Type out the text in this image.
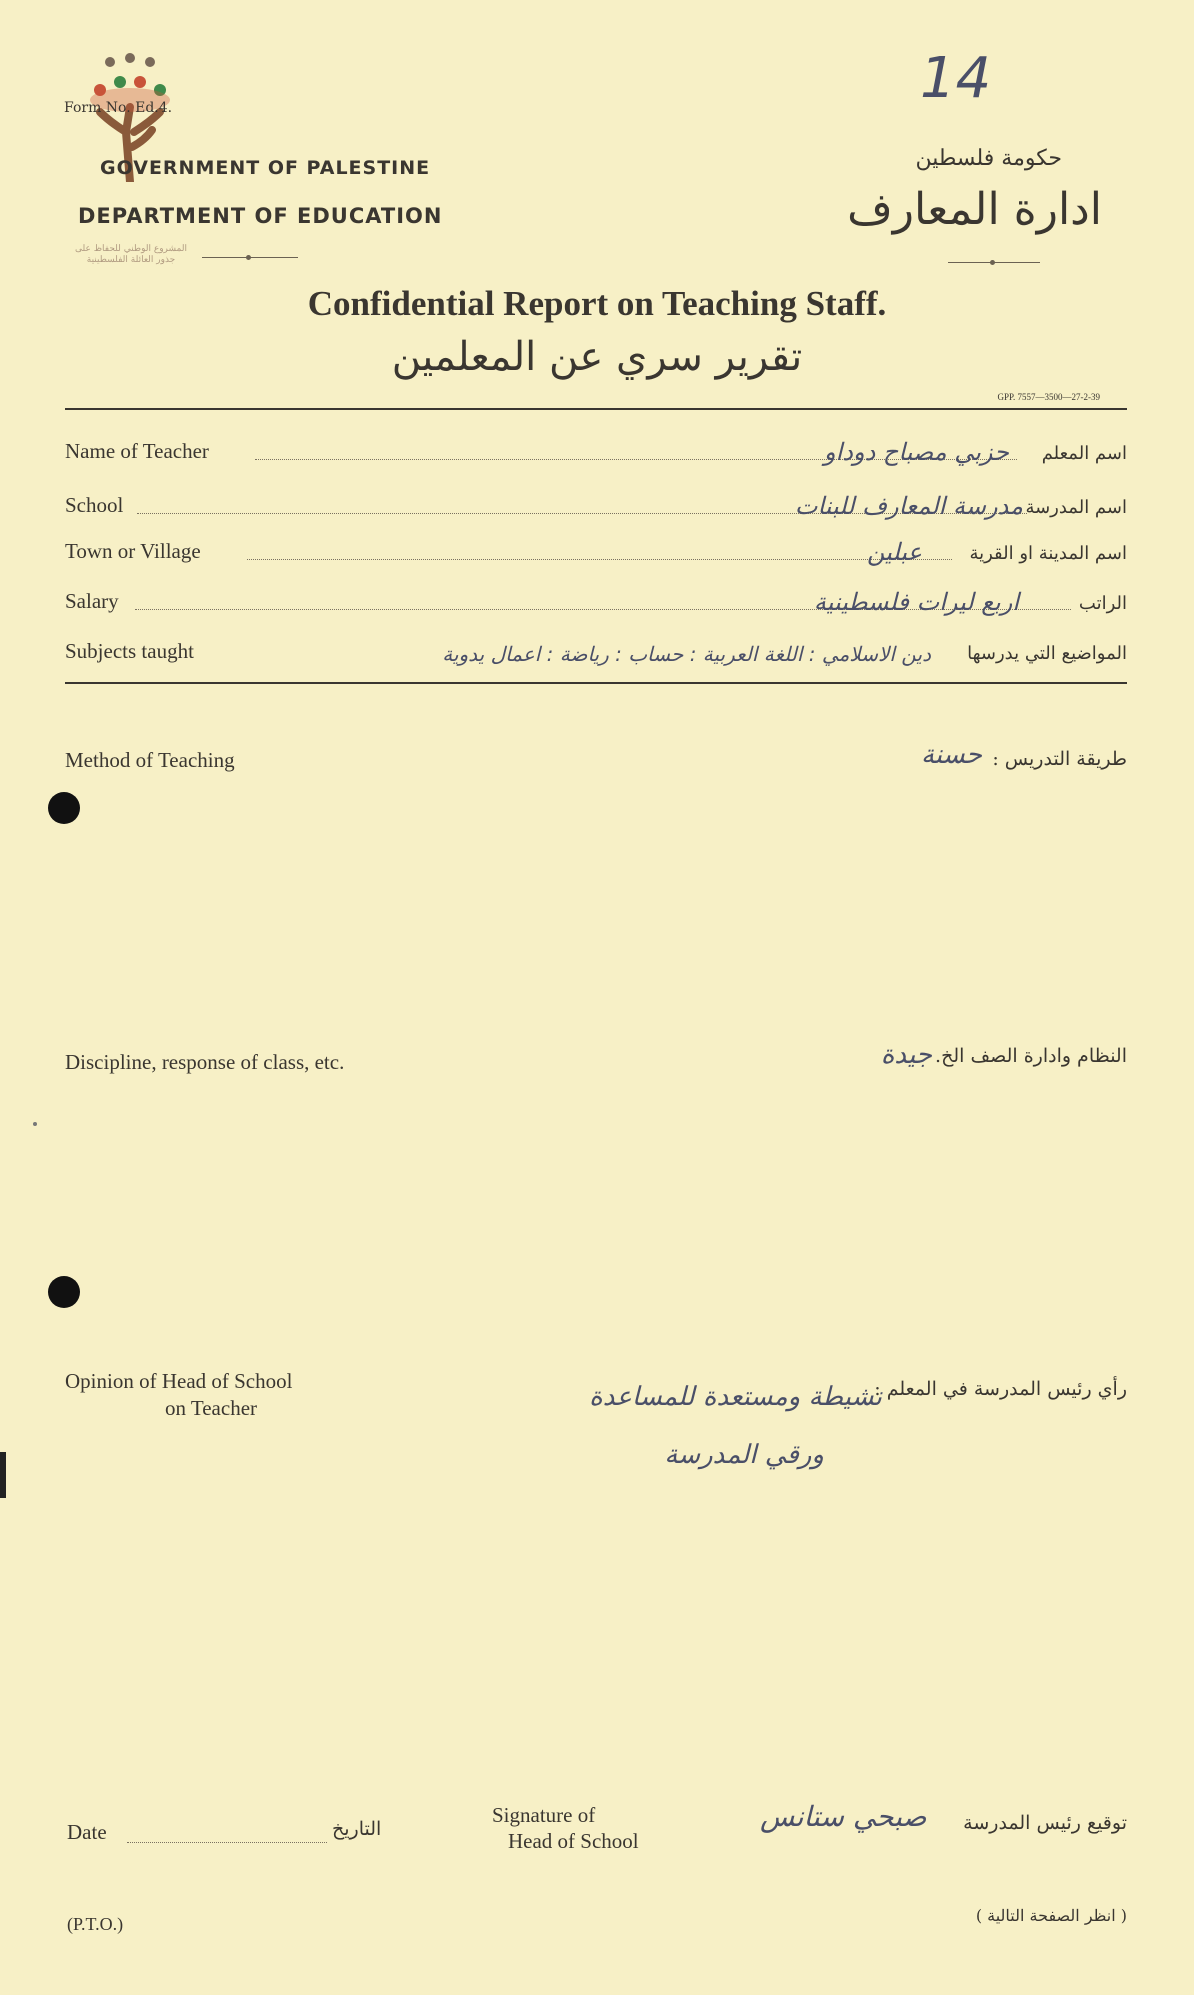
Form No. Ed.4.
GOVERNMENT OF PALESTINE
DEPARTMENT OF EDUCATION
المشروع الوطني للحفاظ على جذور العائلة الفلسطينية
14
حكومة فلسطين
ادارة المعارف
Confidential Report on Teaching Staff.
تقرير سري عن المعلمين
GPP. 7557—3500—27-2-39
Name of Teacher	حزبي مصباح دوداو اسم المعلم
School	مدرسة المعارف للبنات اسم المدرسة
Town or Village	عبلين	اسم المدينة او القرية
Salary	اربع ليرات فلسطينية	الراتب
Subjects taught	دين الاسلامي : اللغة العربية : حساب : رياضة : اعمال يدوية المواضيع التي يدرسها
Method of Teaching	طريقة التدريس :
حسنة
Discipline, response of class, etc.	النظام وادارة الصف الخ.
جيدة
Opinion of Head of School
on Teacher
رأي رئيس المدرسة في المعلم :
نشيطة ومستعدة للمساعدة
ورقي المدرسة
Date	التاريخ
Signature of
Head of School
صبحي ستانس توقيع رئيس المدرسة
(P.T.O.)	( انظر الصفحة التالية )
